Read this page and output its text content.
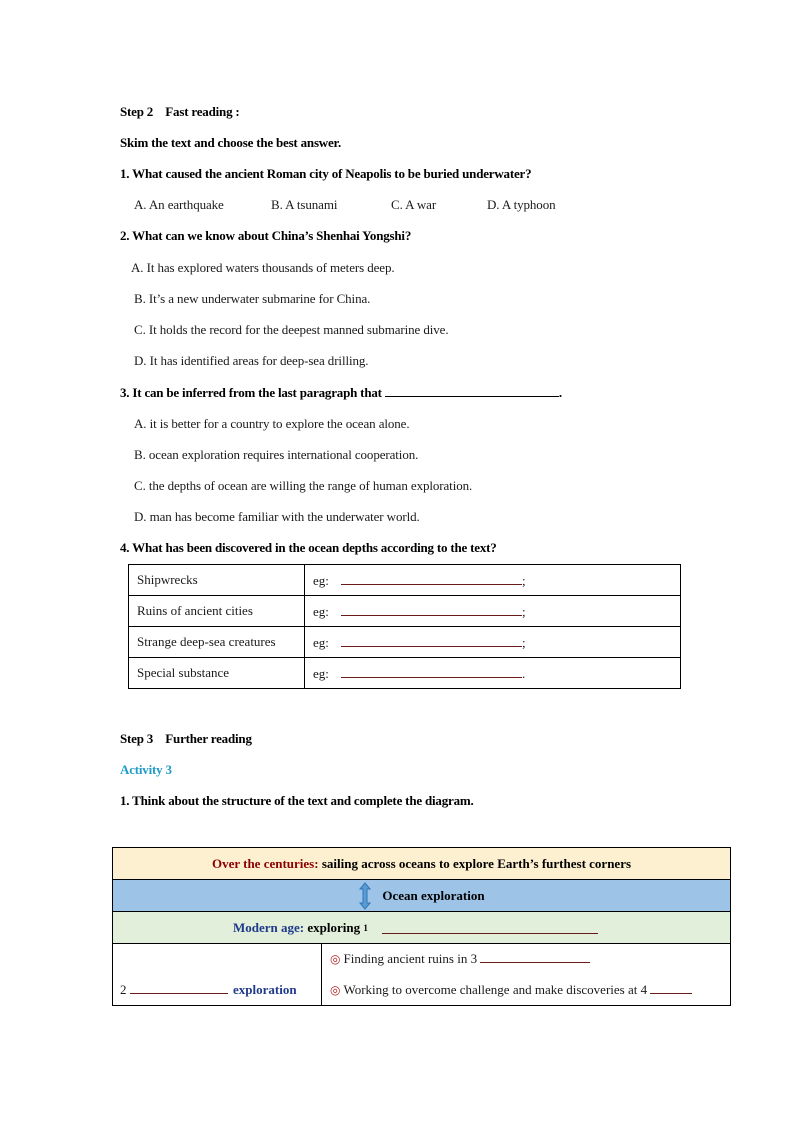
Step 2    Fast reading :
Skim the text and choose the best answer.
1. What caused the ancient Roman city of Neapolis to be buried underwater?
A. An earthquake	B. A tsunami	C. A war	D. A typhoon
2. What can we know about China’s Shenhai Yongshi?
A. It has explored waters thousands of meters deep.
B. It’s a new underwater submarine for China.
C. It holds the record for the deepest manned submarine dive.
D. It has identified areas for deep-sea drilling.
3. It can be inferred from the last paragraph that	.
A. it is better for a country to explore the ocean alone.
B. ocean exploration requires international cooperation.
C. the depths of ocean are willing the range of human exploration.
D. man has become familiar with the underwater world.
4. What has been discovered in the ocean depths according to the text?
Shipwrecks	eg: ;
Ruins of ancient cities	eg: ;
Strange deep-sea creatures	eg: ;
Special substance	eg: .
Step 3    Further reading
Activity 3
1. Think about the structure of the text and complete the diagram.
Over the centuries: sailing across oceans to explore Earth’s furthest corners
Ocean exploration
Modern age: exploring 1
2	exploration
◎ Finding ancient ruins in 3
◎ Working to overcome challenge and make discoveries at 4
